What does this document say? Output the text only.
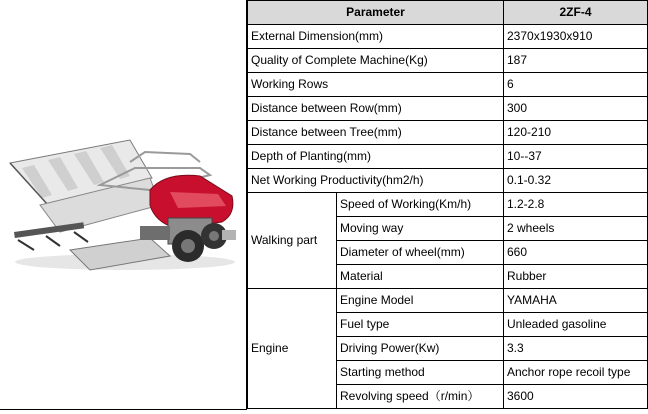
Parameter		2ZF-4
External Dimension(mm)		2370x1930x910
Quality of Complete Machine(Kg)		187
Working Rows		6
Distance between Row(mm)		300
Distance between Tree(mm)		120-210
Depth of Planting(mm)		10--37
Net Working Productivity(hm2/h)		0.1-0.32
Walking part	Speed of Working(Km/h)	1.2-2.8
	Moving way	2 wheels
	Diameter of wheel(mm)	660
	Material	Rubber
Engine	Engine Model	YAMAHA
	Fuel type	Unleaded gasoline
	Driving Power(Kw)	3.3
	Starting method	Anchor rope recoil type
	Revolving speed（r/min）	3600
